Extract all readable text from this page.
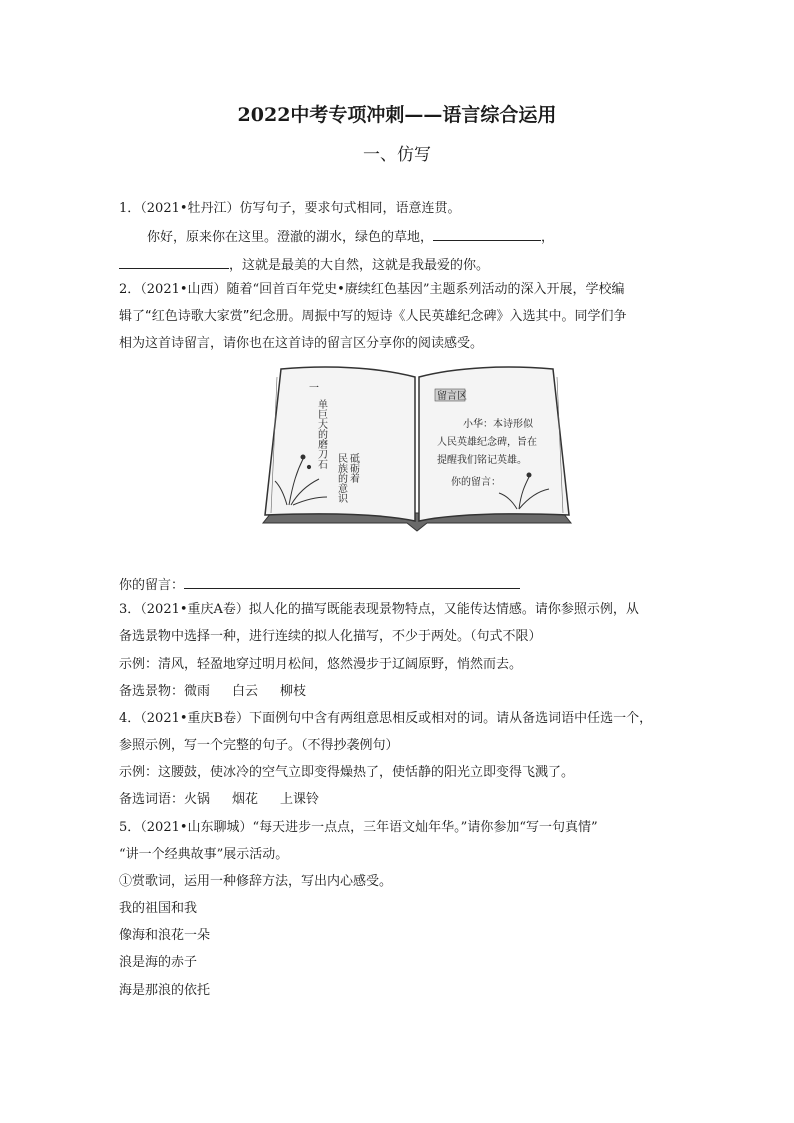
2022中考专项冲刺——语言综合运用
一、仿写
1．（2021•牡丹江）仿写句子，要求句式相同，语意连贯。
你好，原来你在这里。澄澈的湖水，绿色的草地，	，
，这就是最美的大自然，这就是我最爱的你。
2．（2021•山西）随着“回首百年党史•赓续红色基因”主题系列活动的深入开展，学校编
辑了“红色诗歌大家赏”纪念册。周振中写的短诗《人民英雄纪念碑》入选其中。同学们争
相为这首诗留言，请你也在这首诗的留言区分享你的阅读感受。
一
单巨大的磨刀石 砥砺着
民族的意识
留言区
小华：本诗形似
人民英雄纪念碑，旨在
提醒我们铭记英雄。
你的留言：
你的留言：
3．（2021•重庆A卷）拟人化的描写既能表现景物特点，又能传达情感。请你参照示例，从
备选景物中选择一种，进行连续的拟人化描写，不少于两处。（句式不限）
示例：清风，轻盈地穿过明月松间，悠然漫步于辽阔原野，悄然而去。
备选景物：微雨 白云 柳枝
4．（2021•重庆B卷）下面例句中含有两组意思相反或相对的词。请从备选词语中任选一个，
参照示例，写一个完整的句子。（不得抄袭例句）
示例：这腰鼓，使冰冷的空气立即变得燥热了，使恬静的阳光立即变得飞溅了。
备选词语：火锅 烟花 上课铃
5．（2021•山东聊城）“每天进步一点点，三年语文灿年华。”请你参加“写一句真情”
“讲一个经典故事”展示活动。
①赏歌词，运用一种修辞方法，写出内心感受。
我的祖国和我
像海和浪花一朵
浪是海的赤子
海是那浪的依托
